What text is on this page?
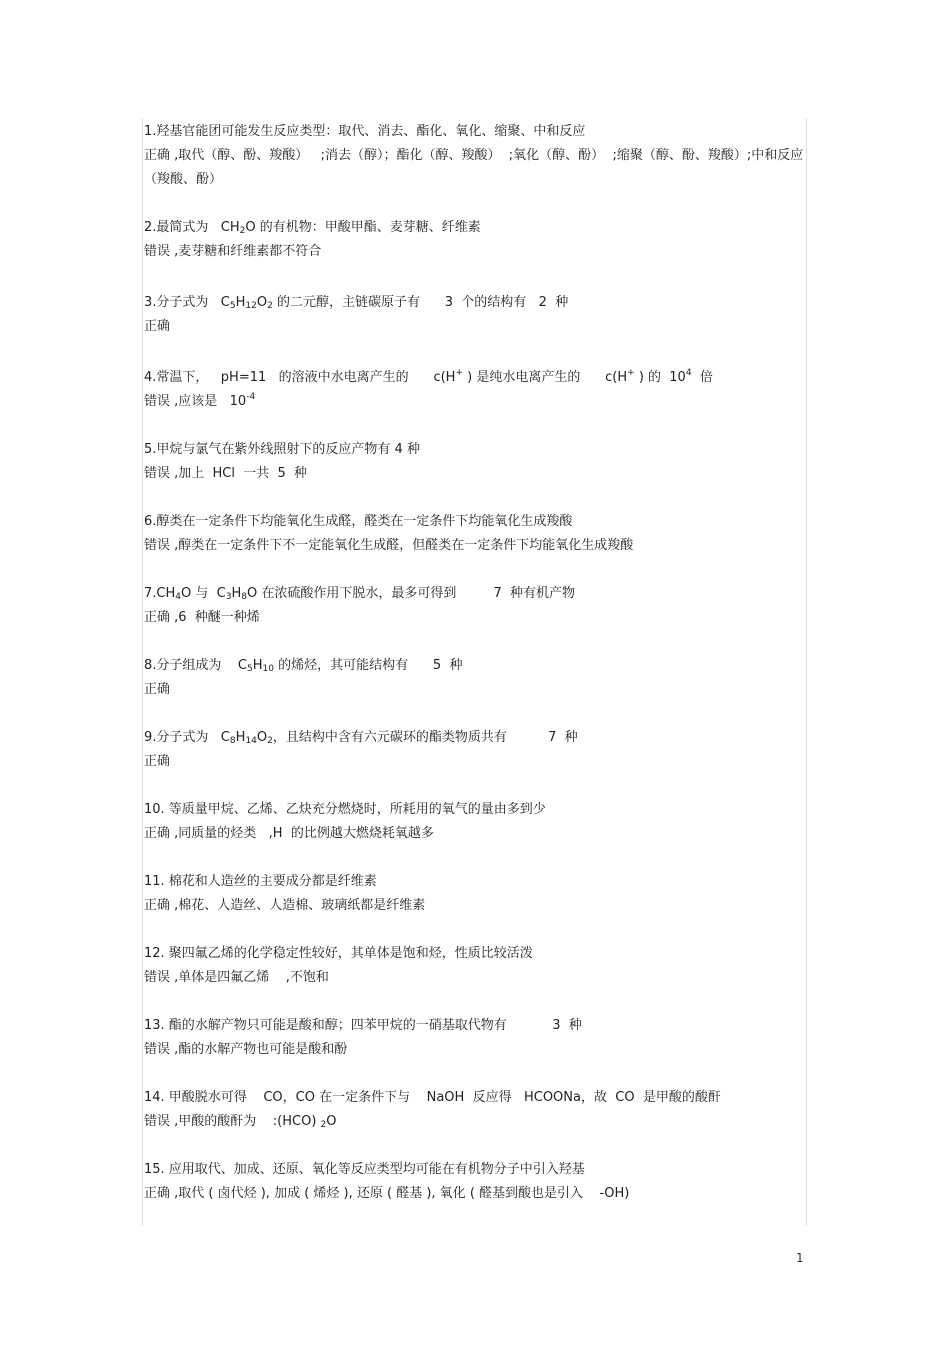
1.羟基官能团可能发生反应类型：取代、消去、酯化、氧化、缩聚、中和反应
正确 ,取代（醇、酚、羧酸）   ;消去（醇）；酯化（醇、羧酸）  ;氧化（醇、酚）  ;缩聚（醇、酚、羧酸）;中和反应（羧酸、酚）
2.最简式为   $CH_2O$ 的有机物：甲酸甲酯、麦芽糖、纤维素
错误 ,麦芽糖和纤维素都不符合
3.分子式为   $C_5H_{12}O_2$ 的二元醇，主链碳原子有      3  个的结构有   2  种
正确
4.常温下，   pH=11   的溶液中水电离产生的      c(H+ ) 是纯水电离产生的      c(H+ ) 的  $10^4$  倍
错误 ,应该是   $10^{-4}$
5.甲烷与氯气在紫外线照射下的反应产物有 4 种
错误 ,加上  HCl  一共  5  种
6.醇类在一定条件下均能氧化生成醛，醛类在一定条件下均能氧化生成羧酸
错误 ,醇类在一定条件下不一定能氧化生成醛，但醛类在一定条件下均能氧化生成羧酸
$7.CH_4O$ 与  $C_3H_8O$ 在浓硫酸作用下脱水，最多可得到         7  种有机产物
正确 ,6  种醚一种烯
8.分子组成为    $C_5H_{10}$ 的烯烃，其可能结构有      5  种
正确
9.分子式为   $C_8H_{14}O_2$，且结构中含有六元碳环的酯类物质共有          7  种
正确
10. 等质量甲烷、乙烯、乙炔充分燃烧时，所耗用的氧气的量由多到少
正确 ,同质量的烃类   ,H  的比例越大燃烧耗氧越多
11. 棉花和人造丝的主要成分都是纤维素
正确 ,棉花、人造丝、人造棉、玻璃纸都是纤维素
12. 聚四氟乙烯的化学稳定性较好，其单体是饱和烃，性质比较活泼
错误 ,单体是四氟乙烯    ,不饱和
13. 酯的水解产物只可能是酸和醇；四苯甲烷的一硝基取代物有           3  种
错误 ,酯的水解产物也可能是酸和酚
14. 甲酸脱水可得    CO，CO 在一定条件下与    NaOH  反应得   HCOONa，故  CO  是甲酸的酸酐
错误 ,甲酸的酸酐为    :(HCO) $_2$O
15. 应用取代、加成、还原、氧化等反应类型均可能在有机物分子中引入羟基
正确 ,取代 ( 卤代烃 ), 加成 ( 烯烃 ), 还原 ( 醛基 ), 氧化 ( 醛基到酸也是引入    -OH)
1
